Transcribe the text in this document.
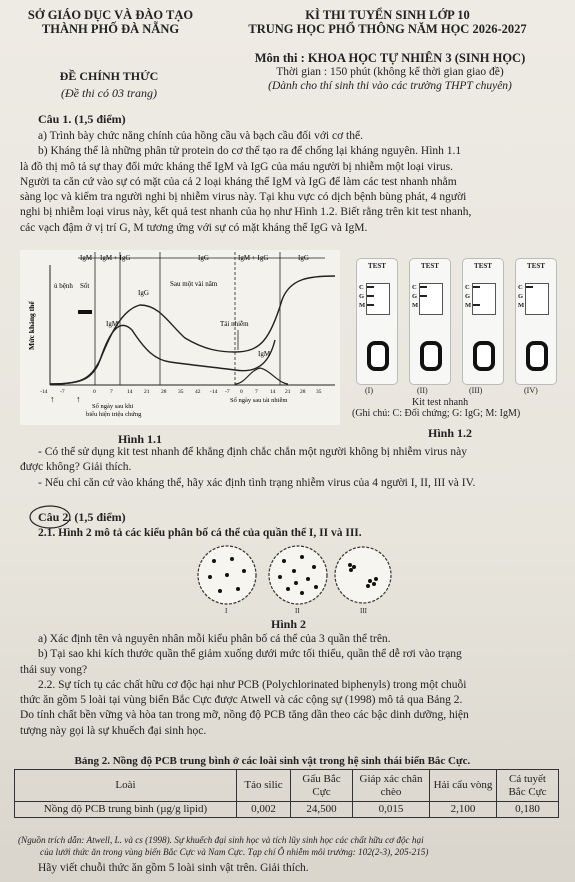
SỞ GIÁO DỤC VÀ ĐÀO TẠO
THÀNH PHỐ ĐÀ NẴNG
KÌ THI TUYỂN SINH LỚP 10
TRUNG HỌC PHỔ THÔNG NĂM HỌC 2026-2027
ĐỀ CHÍNH THỨC
(Đề thi có 03 trang)
Môn thi : KHOA HỌC TỰ NHIÊN 3 (SINH HỌC)
Thời gian : 150 phút (không kể thời gian giao đề)
(Dành cho thí sinh thi vào các trường THPT chuyên)
Câu 1. (1,5 điểm)
a) Trình bày chức năng chính của hồng cầu và bạch cầu đối với cơ thể.
b) Kháng thể là những phân tử protein do cơ thể tạo ra để chống lại kháng nguyên. Hình 1.1
là đồ thị mô tả sự thay đổi mức kháng thể IgM và IgG của máu người bị nhiễm một loại virus.
Người ta căn cứ vào sự có mặt của cả 2 loại kháng thể IgM và IgG để làm các test nhanh nhằm
sàng lọc và kiểm tra người nghi bị nhiễm virus này. Tại khu vực có dịch bệnh bùng phát, 4 người
nghi bị nhiễm loại virus này, kết quả test nhanh của họ như Hình 1.2. Biết rằng trên kit test nhanh,
các vạch đậm ở vị trí G, M tương ứng với sự có mặt kháng thể IgG và IgM.
IgM IgM + IgG	IgG	IgM + IgG	IgG
Mức kháng thể
ủ bệnh Sốt
IgG
IgM
Sau một vài năm
Tái nhiễm
IgM
-14 -7	0	7	14 21 28 35 42 -14 -7 0 7 14 21 28 35
↑ ↑
Số ngày sau khi
biểu hiện triệu chứng
Số ngày sau tái nhiễm
Hình 1.1
TEST
C
G
M
TEST
C
G
M
TEST
C
G
M
TEST
C
G
M
(I)	(II)	(III)	(IV)
Kit test nhanh
(Ghi chú: C: Đối chứng; G: IgG; M: IgM)
Hình 1.2
- Có thể sử dụng kit test nhanh để khẳng định chắc chắn một người không bị nhiễm virus này
được không? Giải thích.
- Nếu chỉ căn cứ vào kháng thể, hãy xác định tình trạng nhiễm virus của 4 người I, II, III và IV.
Câu 2. (1,5 điểm)
2.1. Hình 2 mô tả các kiểu phân bố cá thể của quần thể I, II và III.
I	II	III
Hình 2
a) Xác định tên và nguyên nhân mỗi kiểu phân bố cá thể của 3 quần thể trên.
b) Tại sao khi kích thước quần thể giảm xuống dưới mức tối thiểu, quần thể dễ rơi vào trạng
thái suy vong?
2.2. Sự tích tụ các chất hữu cơ độc hại như PCB (Polychlorinated biphenyls) trong một chuỗi
thức ăn gồm 5 loài tại vùng biển Bắc Cực được Atwell và các cộng sự (1998) mô tả qua Bảng 2.
Do tính chất bền vững và hòa tan trong mỡ, nồng độ PCB tăng dần theo các bậc dinh dưỡng, hiện
tượng này gọi là sự khuếch đại sinh học.
Bảng 2. Nồng độ PCB trung bình ở các loài sinh vật trong hệ sinh thái biển Bắc Cực.					
Loài	Tảo silic	Gấu Bắc Cực	Giáp xác chân chèo	Hải cẩu vòng	Cá tuyết Bắc Cực
Nồng độ PCB trung bình (µg/g lipid)	0,002	24,500	0,015	2,100	0,180
(Nguồn trích dẫn: Atwell, L. và cs (1998). Sự khuếch đại sinh học và tích lũy sinh học các chất hữu cơ độc hại
của lưới thức ăn trong vùng biển Bắc Cực và Nam Cực. Tạp chí Ô nhiễm môi trường: 102(2-3), 205-215)
Hãy viết chuỗi thức ăn gồm 5 loài sinh vật trên. Giải thích.
